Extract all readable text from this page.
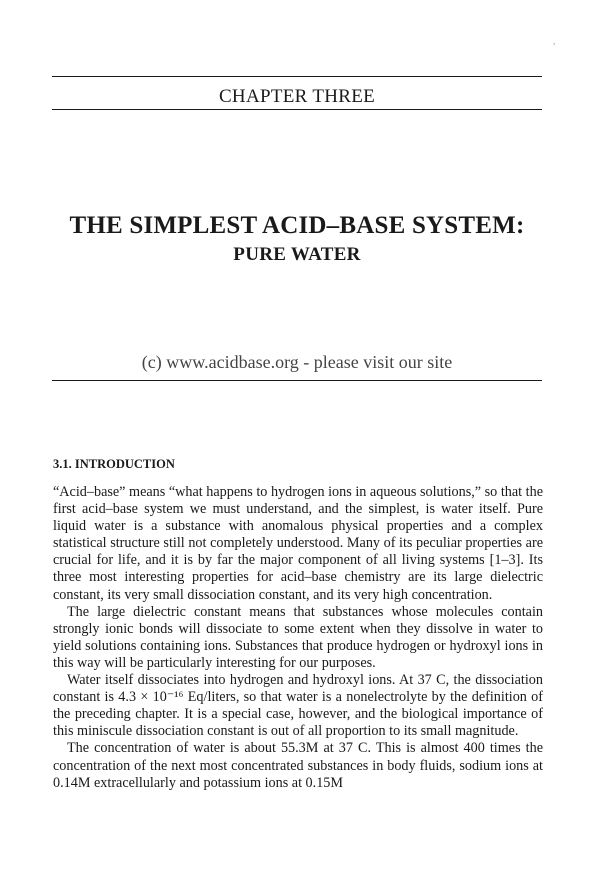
,
CHAPTER THREE
THE SIMPLEST ACID–BASE SYSTEM:
PURE WATER
(c) www.acidbase.org - please visit our site
3.1. INTRODUCTION

“Acid–base” means “what happens to hydrogen ions in aqueous solutions,” so that the first acid–base system we must understand, and the simplest, is water itself. Pure liquid water is a substance with anomalous physical properties and a complex statistical structure still not completely understood. Many of its peculiar properties are crucial for life, and it is by far the major component of all living systems [1–3]. Its three most interesting properties for acid–base chemistry are its large dielectric constant, its very small dissociation constant, and its very high concentration.

The large dielectric constant means that substances whose molecules contain strongly ionic bonds will dissociate to some extent when they dissolve in water to yield solutions containing ions. Substances that produce hydrogen or hydroxyl ions in this way will be particularly interesting for our purposes.

Water itself dissociates into hydrogen and hydroxyl ions. At 37 C, the dissociation constant is 4.3 × 10⁻¹⁶ Eq/liters, so that water is a nonelectrolyte by the definition of the preceding chapter. It is a special case, however, and the biological importance of this miniscule dissociation constant is out of all proportion to its small magnitude.

The concentration of water is about 55.3M at 37 C. This is almost 400 times the concentration of the next most concentrated substances in body fluids, sodium ions at 0.14M extracellularly and potassium ions at 0.15M
